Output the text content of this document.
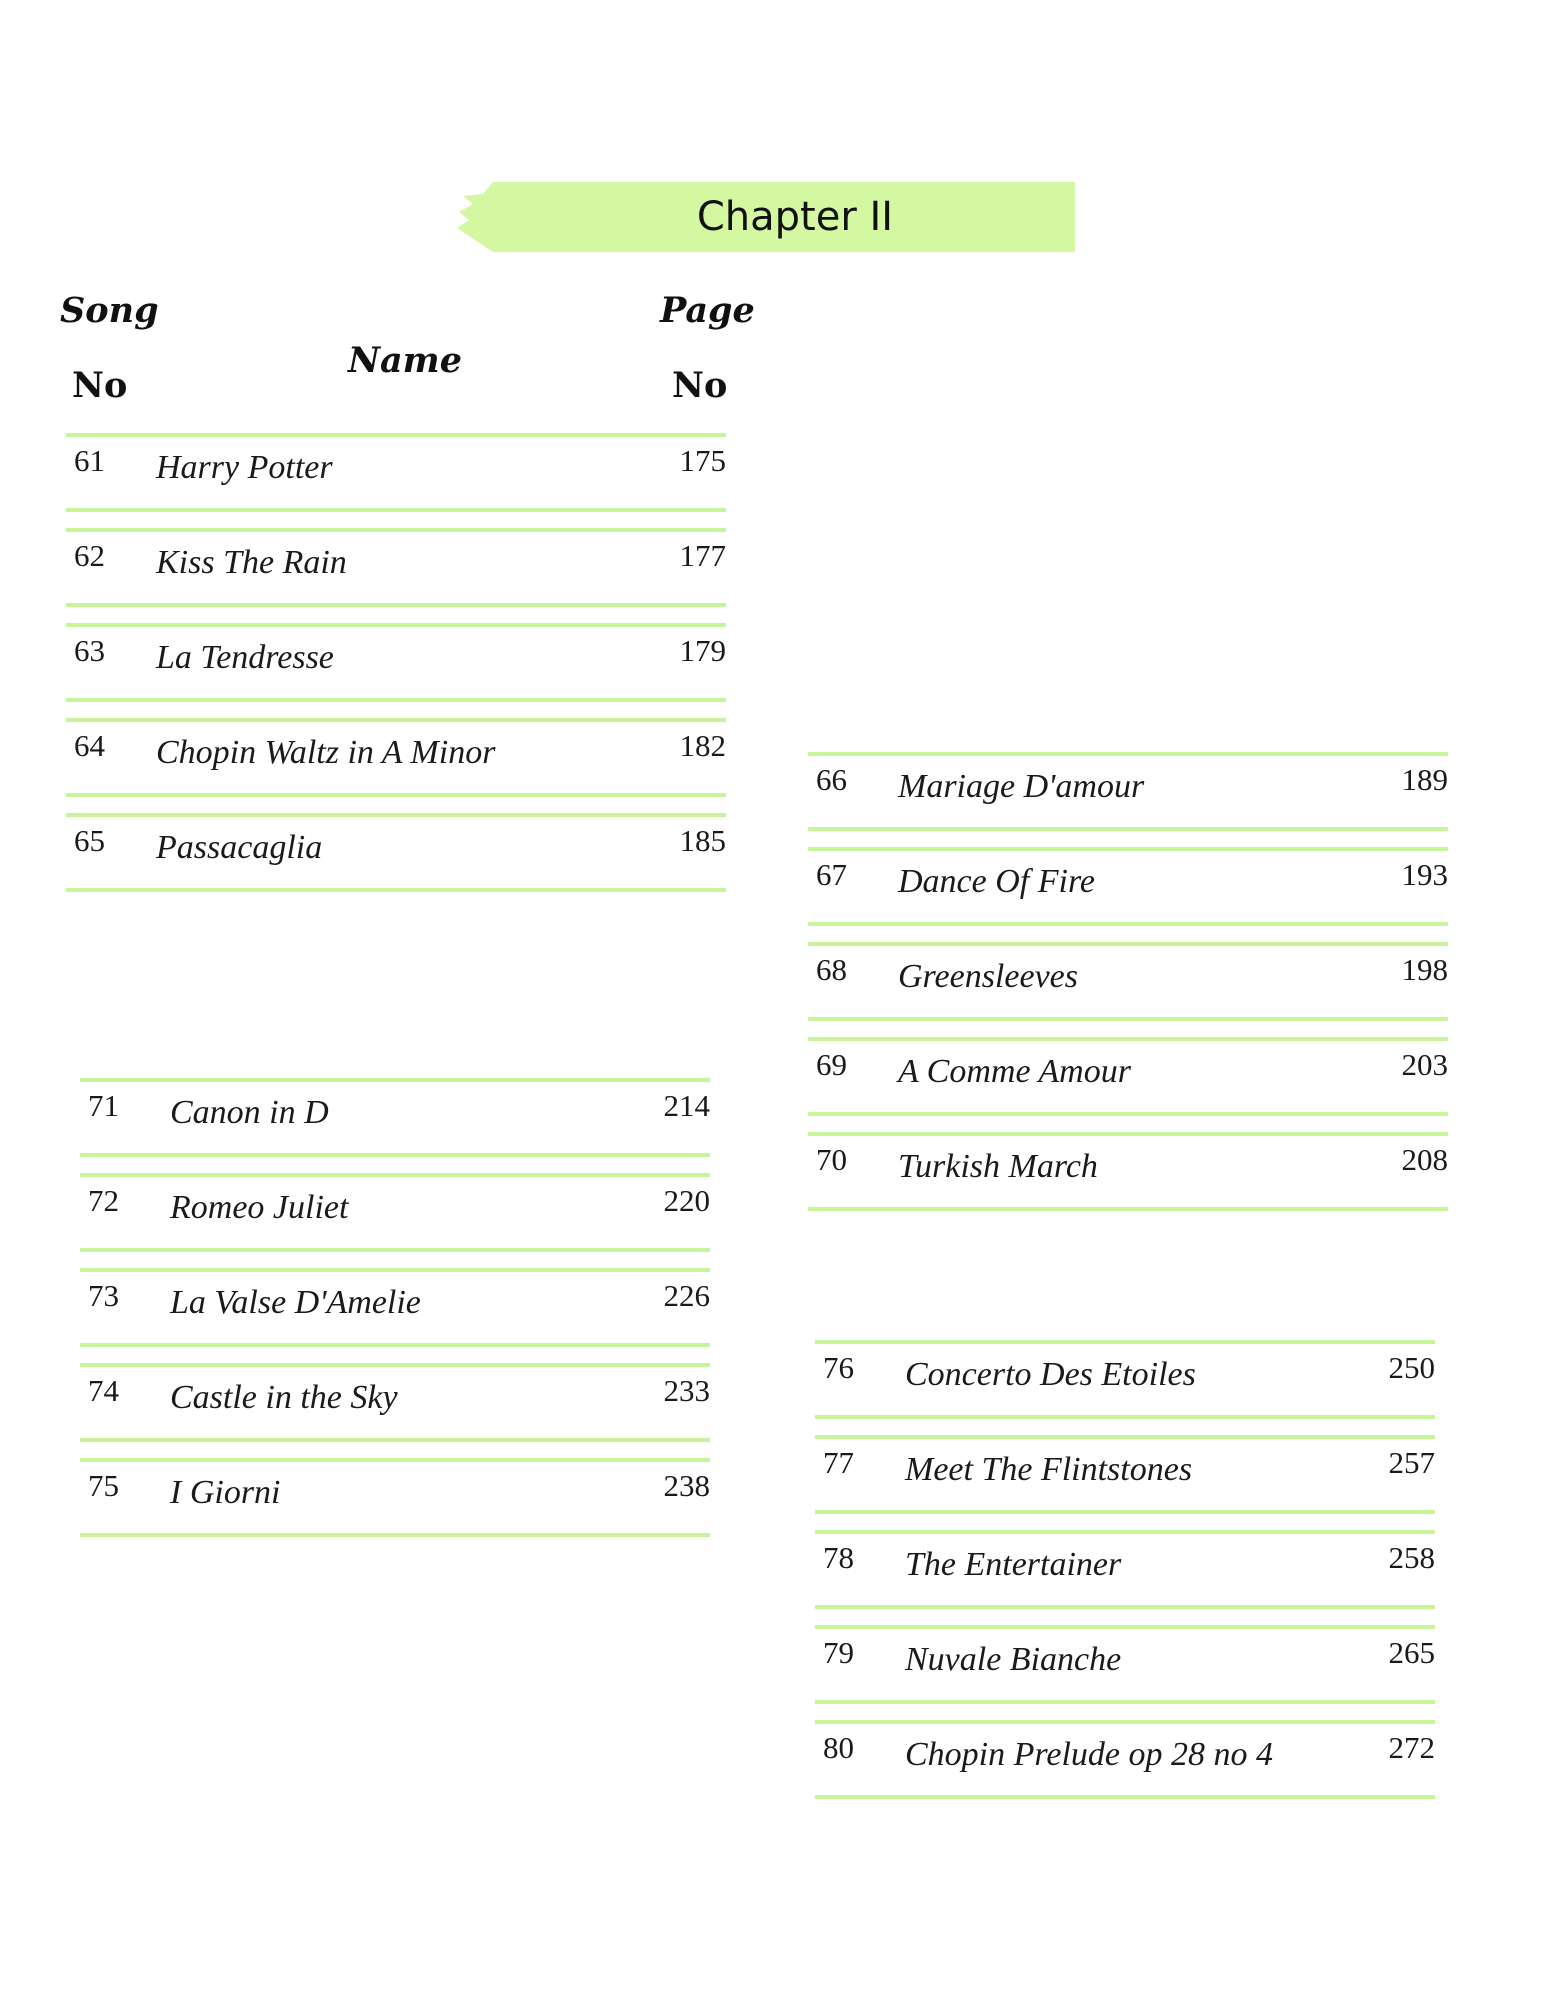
Chapter II
Song
No
Name
Page
No
61 Harry Potter	175
62 Kiss The Rain	177
63 La Tendresse	179
64 Chopin Waltz in A Minor	182
65 Passacaglia	185
66 Mariage D'amour	189
67 Dance Of Fire	193
68 Greensleeves	198
69 A Comme Amour	203
70 Turkish March	208
71 Canon in D	214
72 Romeo Juliet	220
73 La Valse D'Amelie	226
74 Castle in the Sky	233
75 I Giorni	238
76 Concerto Des Etoiles	250
77 Meet The Flintstones	257
78 The Entertainer	258
79 Nuvale Bianche	265
80 Chopin Prelude op 28 no 4	272
